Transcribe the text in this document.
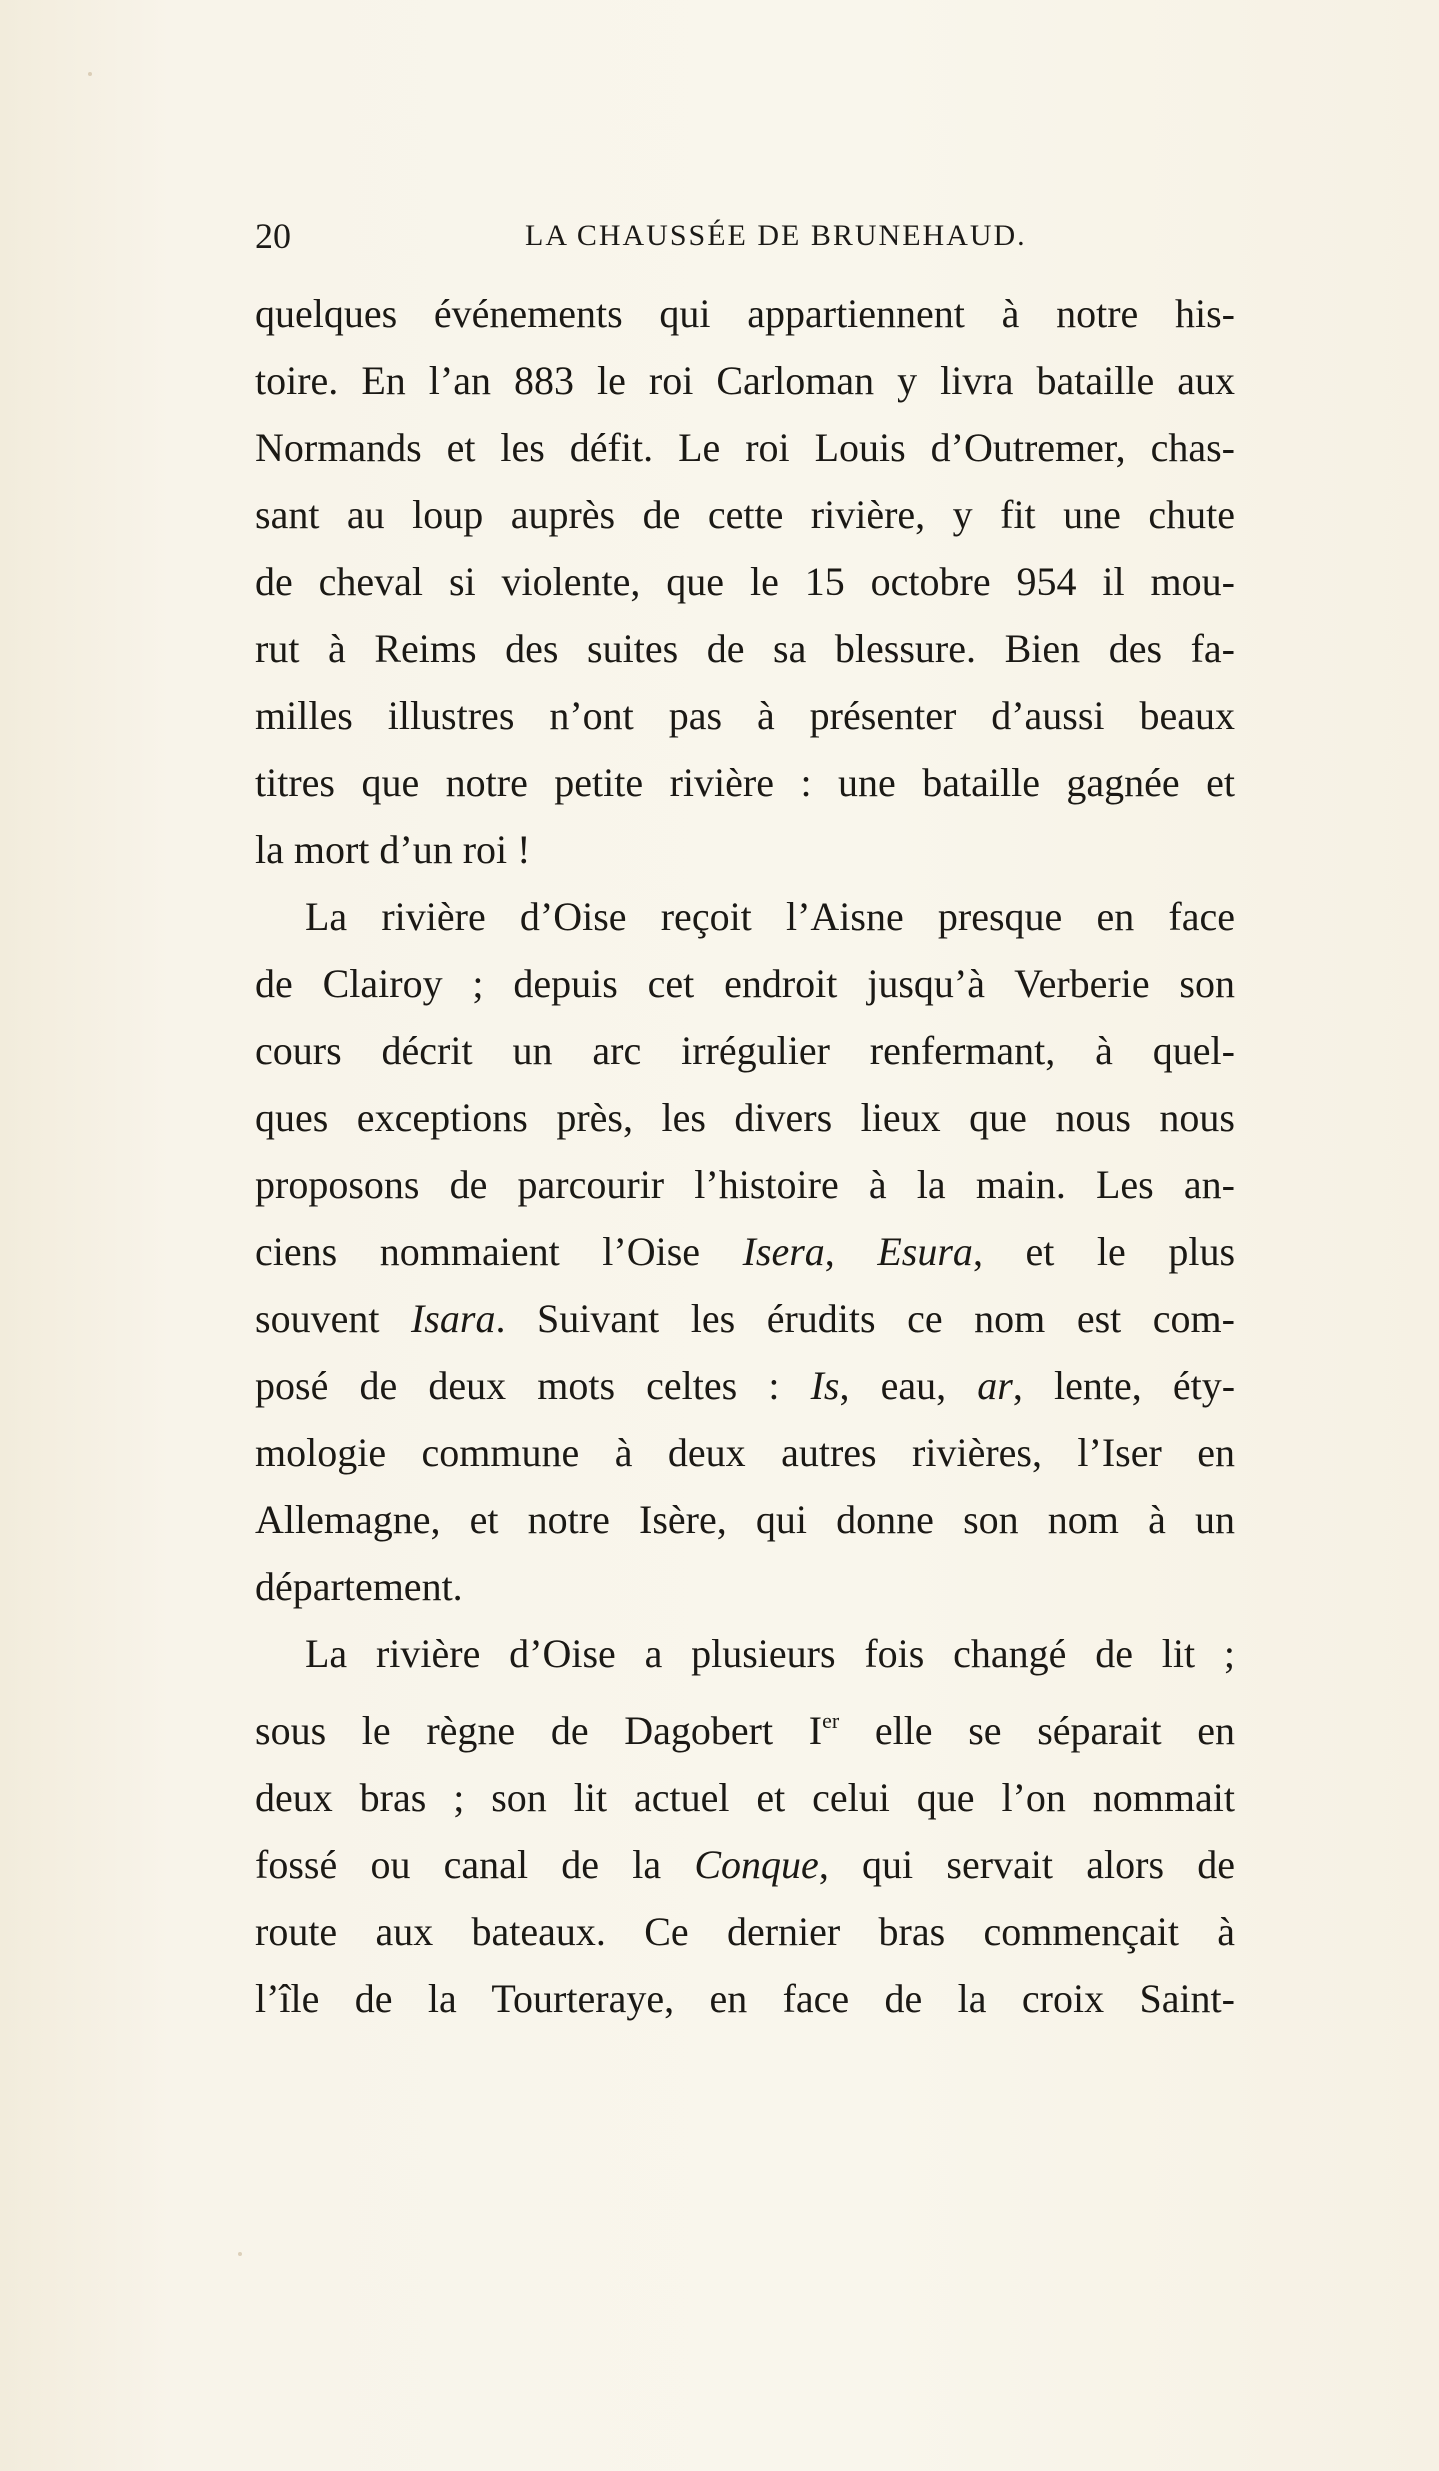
20	LA CHAUSSÉE DE BRUNEHAUD.
quelques événements qui appartiennent à notre his-
toire. En l’an 883 le roi Carloman y livra bataille aux
Normands et les défit. Le roi Louis d’Outremer, chas-
sant au loup auprès de cette rivière, y fit une chute
de cheval si violente, que le 15 octobre 954 il mou-
rut à Reims des suites de sa blessure. Bien des fa-
milles illustres n’ont pas à présenter d’aussi beaux
titres que notre petite rivière : une bataille gagnée et
la mort d’un roi !
La rivière d’Oise reçoit l’Aisne presque en face
de Clairoy ; depuis cet endroit jusqu’à Verberie son
cours décrit un arc irrégulier renfermant, à quel-
ques exceptions près, les divers lieux que nous nous
proposons de parcourir l’histoire à la main. Les an-
ciens nommaient l’Oise Isera, Esura, et le plus
souvent Isara. Suivant les érudits ce nom est com-
posé de deux mots celtes : Is, eau, ar, lente, éty-
mologie commune à deux autres rivières, l’Iser en
Allemagne, et notre Isère, qui donne son nom à un
département.
La rivière d’Oise a plusieurs fois changé de lit ;
sous le règne de Dagobert Ier elle se séparait en
deux bras ; son lit actuel et celui que l’on nommait
fossé ou canal de la Conque, qui servait alors de
route aux bateaux. Ce dernier bras commençait à
l’île de la Tourteraye, en face de la croix Saint-
